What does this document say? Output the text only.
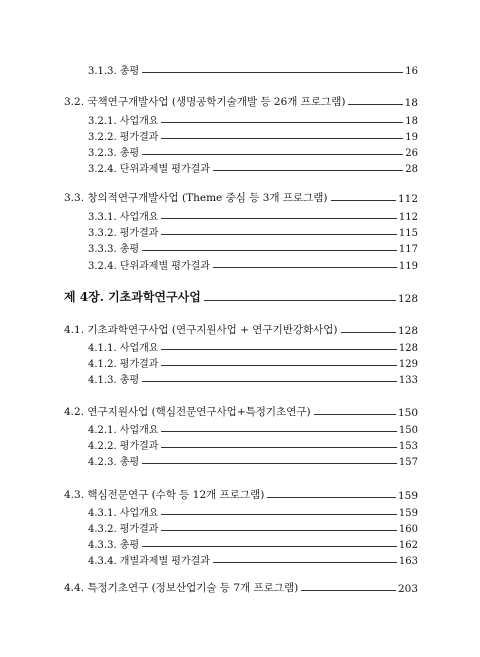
3.1.3. 총평	16
3.2. 국책연구개발사업 (생명공학기술개발 등 26개 프로그램)	18
3.2.1. 사업개요	18
3.2.2. 평가결과	19
3.2.3. 총평	26
3.2.4. 단위과제별 평가결과	28
3.3. 창의적연구개발사업 (Theme 중심 등 3개 프로그램)	112
3.3.1. 사업개요	112
3.3.2. 평가결과	115
3.3.3. 총평	117
3.2.4. 단위과제별 평가결과	119
제 4장. 기초과학연구사업	128
4.1. 기초과학연구사업 (연구지원사업 + 연구기반강화사업)	128
4.1.1. 사업개요	128
4.1.2. 평가결과	129
4.1.3. 총평	133
4.2. 연구지원사업 (핵심전문연구사업+특정기초연구)	150
4.2.1. 사업개요	150
4.2.2. 평가결과	153
4.2.3. 총평	157
4.3. 핵심전문연구 (수학 등 12개 프로그램)	159
4.3.1. 사업개요	159
4.3.2. 평가결과	160
4.3.3. 총평	162
4.3.4. 개별과제별 평가결과	163
4.4. 특정기초연구 (정보산업기술 등 7개 프로그램)	203
